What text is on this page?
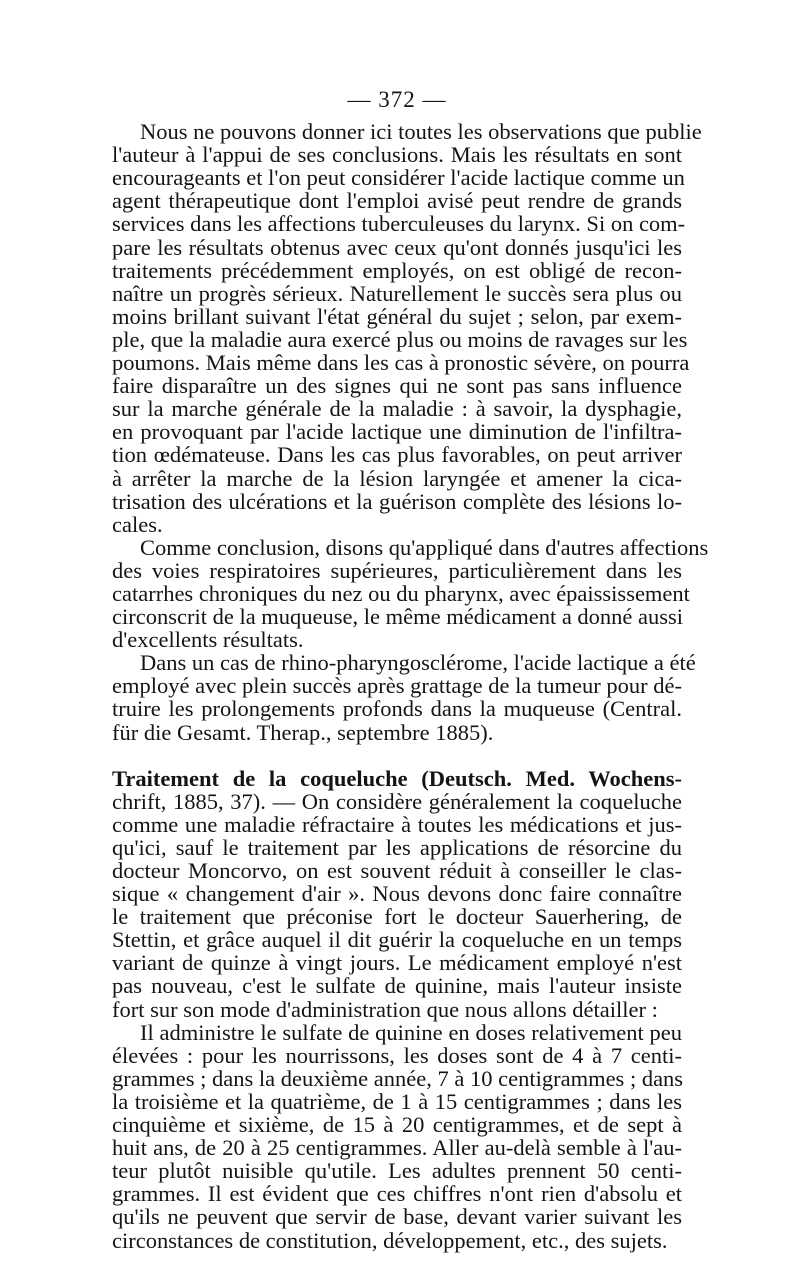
— 372 —
Nous ne pouvons donner ici toutes les observations que publie
l'auteur à l'appui de ses conclusions. Mais les résultats en sont
encourageants et l'on peut considérer l'acide lactique comme un
agent thérapeutique dont l'emploi avisé peut rendre de grands
services dans les affections tuberculeuses du larynx. Si on com-
pare les résultats obtenus avec ceux qu'ont donnés jusqu'ici les
traitements précédemment employés, on est obligé de recon-
naître un progrès sérieux. Naturellement le succès sera plus ou
moins brillant suivant l'état général du sujet ; selon, par exem-
ple, que la maladie aura exercé plus ou moins de ravages sur les
poumons. Mais même dans les cas à pronostic sévère, on pourra
faire disparaître un des signes qui ne sont pas sans influence
sur la marche générale de la maladie : à savoir, la dysphagie,
en provoquant par l'acide lactique une diminution de l'infiltra-
tion œdémateuse. Dans les cas plus favorables, on peut arriver
à arrêter la marche de la lésion laryngée et amener la cica-
trisation des ulcérations et la guérison complète des lésions lo-
cales.
Comme conclusion, disons qu'appliqué dans d'autres affections
des voies respiratoires supérieures, particulièrement dans les
catarrhes chroniques du nez ou du pharynx, avec épaississement
circonscrit de la muqueuse, le même médicament a donné aussi
d'excellents résultats.
Dans un cas de rhino-pharyngosclérome, l'acide lactique a été
employé avec plein succès après grattage de la tumeur pour dé-
truire les prolongements profonds dans la muqueuse (Central.
für die Gesamt. Therap., septembre 1885).
Traitement de la coqueluche (Deutsch. Med. Wochens-
chrift, 1885, 37). — On considère généralement la coqueluche
comme une maladie réfractaire à toutes les médications et jus-
qu'ici, sauf le traitement par les applications de résorcine du
docteur Moncorvo, on est souvent réduit à conseiller le clas-
sique « changement d'air ». Nous devons donc faire connaître
le traitement que préconise fort le docteur Sauerhering, de
Stettin, et grâce auquel il dit guérir la coqueluche en un temps
variant de quinze à vingt jours. Le médicament employé n'est
pas nouveau, c'est le sulfate de quinine, mais l'auteur insiste
fort sur son mode d'administration que nous allons détailler :
Il administre le sulfate de quinine en doses relativement peu
élevées : pour les nourrissons, les doses sont de 4 à 7 centi-
grammes ; dans la deuxième année, 7 à 10 centigrammes ; dans
la troisième et la quatrième, de 1 à 15 centigrammes ; dans les
cinquième et sixième, de 15 à 20 centigrammes, et de sept à
huit ans, de 20 à 25 centigrammes. Aller au-delà semble à l'au-
teur plutôt nuisible qu'utile. Les adultes prennent 50 centi-
grammes. Il est évident que ces chiffres n'ont rien d'absolu et
qu'ils ne peuvent que servir de base, devant varier suivant les
circonstances de constitution, développement, etc., des sujets.
